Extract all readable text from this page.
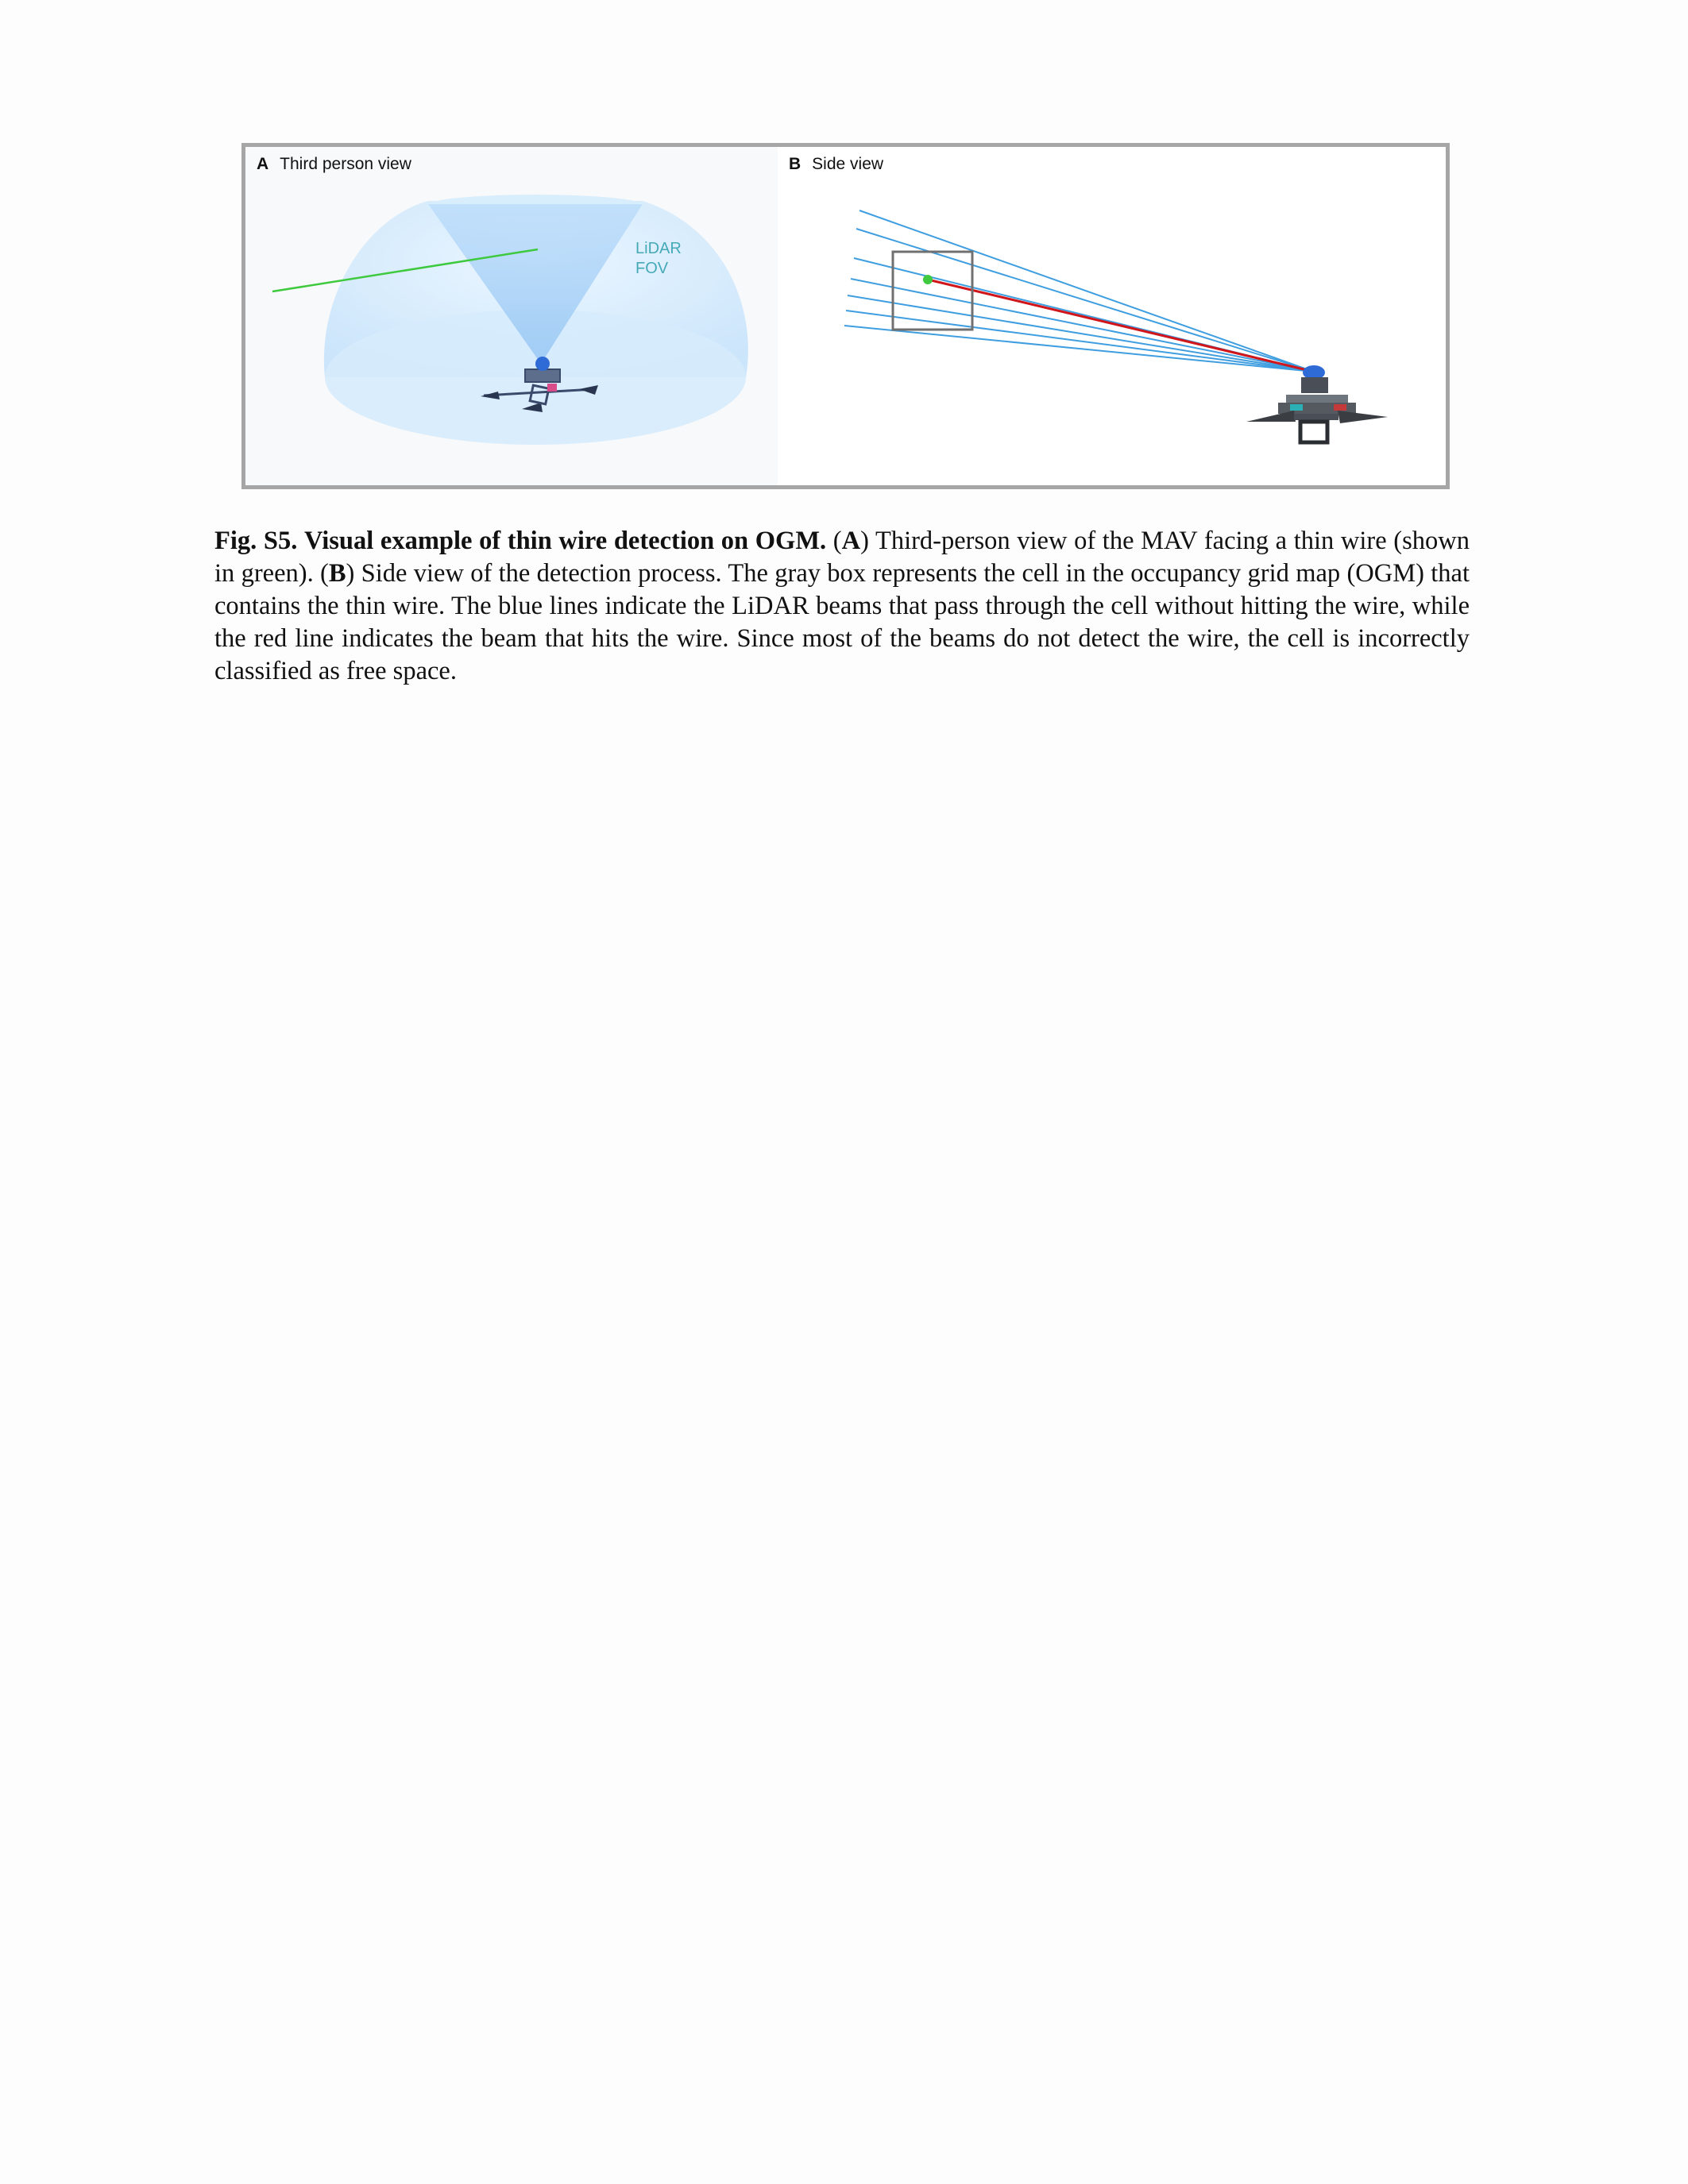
LiDAR
FOV
A Third person view	B Side view

Fig. S5. Visual example of thin wire detection on OGM. (A) Third-person view of the MAV facing a thin wire (shown in green). (B) Side view of the detection process. The gray box represents the cell in the occupancy grid map (OGM) that contains the thin wire. The blue lines indicate the LiDAR beams that pass through the cell without hitting the wire, while the red line indicates the beam that hits the wire. Since most of the beams do not detect the wire, the cell is incorrectly classified as free space.
